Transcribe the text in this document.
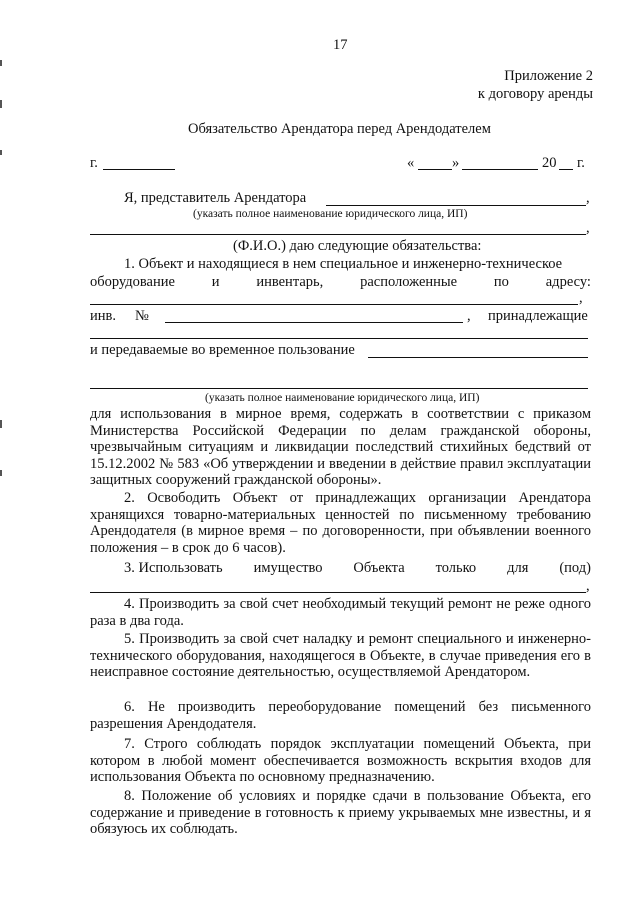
17
Приложение 2
к договору аренды
Обязательство Арендатора перед Арендодателем
г.	«	»	20 г.
Я, представитель Арендатора	,
(указать полное наименование юридического лица, ИП)
,
(Ф.И.О.) даю следующие обязательства:
1. Объект и находящиеся в нем специальное и инженерно-техническое
оборудование	и	инвентарь,	расположенные	по	адресу:
,
инв. №	, принадлежащие
и передаваемые во временное пользование
(указать полное наименование юридического лица, ИП)
для использования в мирное время, содержать в соответствии с приказом Министерства Российской Федерации по делам гражданской обороны, чрезвычайным ситуациям и ликвидации последствий стихийных бедствий от 15.12.2002 № 583 «Об утверждении и введении в действие правил эксплуатации защитных сооружений гражданской обороны».
2. Освободить Объект от принадлежащих организации Арендатора хранящихся товарно-материальных ценностей по письменному требованию Арендодателя (в мирное время – по договоренности, при объявлении военного положения – в срок до 6 часов).
3. Использовать имущество Объекта только для (под)
,
4. Производить за свой счет необходимый текущий ремонт не реже одного раза в два года.
5. Производить за свой счет наладку и ремонт специального и инженерно-технического оборудования, находящегося в Объекте, в случае приведения его в неисправное состояние деятельностью, осуществляемой Арендатором.
6. Не производить переоборудование помещений без письменного разрешения Арендодателя.
7. Строго соблюдать порядок эксплуатации помещений Объекта, при котором в любой момент обеспечивается возможность вскрытия входов для использования Объекта по основному предназначению.
8. Положение об условиях и порядке сдачи в пользование Объекта, его содержание и приведение в готовность к приему укрываемых мне известны, и я обязуюсь их соблюдать.
